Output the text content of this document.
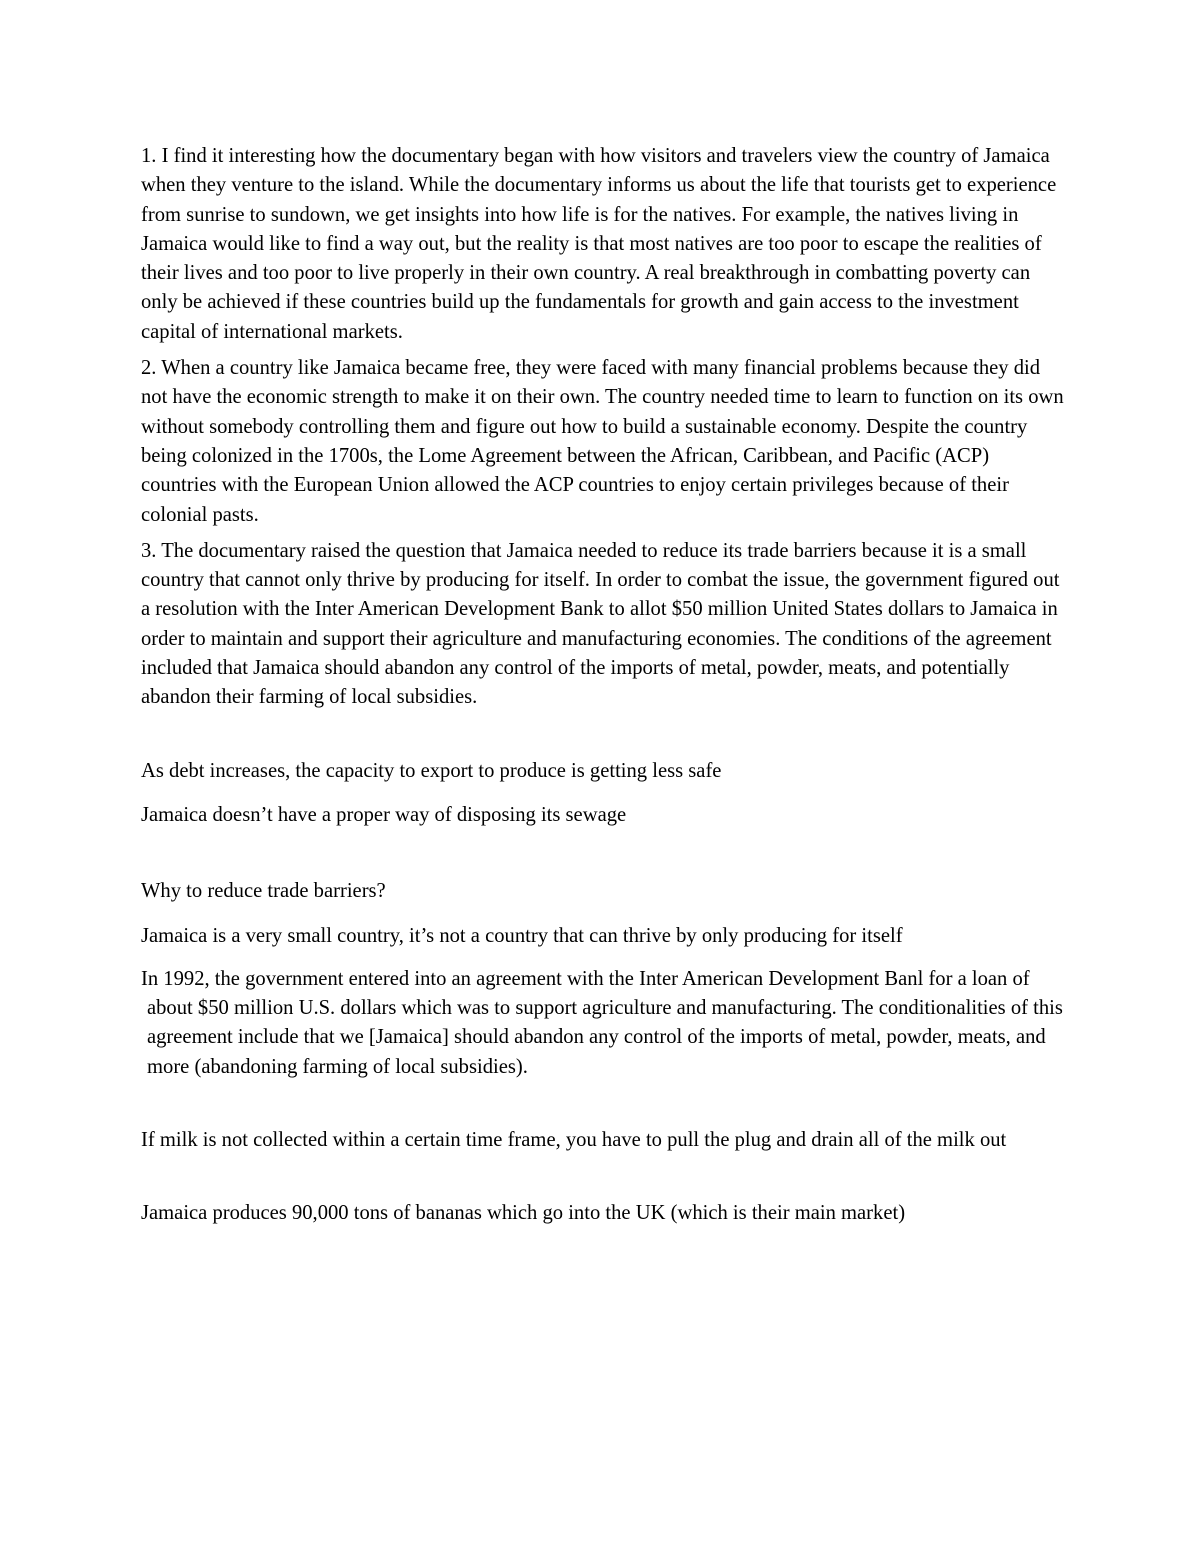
1. I find it interesting how the documentary began with how visitors and travelers view the country of Jamaica when they venture to the island. While the documentary informs us about the life that tourists get to experience from sunrise to sundown, we get insights into how life is for the natives. For example, the natives living in Jamaica would like to find a way out, but the reality is that most natives are too poor to escape the realities of their lives and too poor to live properly in their own country. A real breakthrough in combatting poverty can only be achieved if these countries build up the fundamentals for growth and gain access to the investment capital of international markets.

2. When a country like Jamaica became free, they were faced with many financial problems because they did not have the economic strength to make it on their own. The country needed time to learn to function on its own without somebody controlling them and figure out how to build a sustainable economy. Despite the country being colonized in the 1700s, the Lome Agreement between the African, Caribbean, and Pacific (ACP) countries with the European Union allowed the ACP countries to enjoy certain privileges because of their colonial pasts.

3. The documentary raised the question that Jamaica needed to reduce its trade barriers because it is a small country that cannot only thrive by producing for itself. In order to combat the issue, the government figured out a resolution with the Inter American Development Bank to allot $50 million United States dollars to Jamaica in order to maintain and support their agriculture and manufacturing economies. The conditions of the agreement included that Jamaica should abandon any control of the imports of metal, powder, meats, and potentially abandon their farming of local subsidies.

As debt increases, the capacity to export to produce is getting less safe

Jamaica doesn’t have a proper way of disposing its sewage

Why to reduce trade barriers?

Jamaica is a very small country, it’s not a country that can thrive by only producing for itself

In 1992, the government entered into an agreement with the Inter American Development Banl for a loan of about $50 million U.S. dollars which was to support agriculture and manufacturing. The conditionalities of this agreement include that we [Jamaica] should abandon any control of the imports of metal, powder, meats, and more (abandoning farming of local subsidies).

If milk is not collected within a certain time frame, you have to pull the plug and drain all of the milk out

Jamaica produces 90,000 tons of bananas which go into the UK (which is their main market)
